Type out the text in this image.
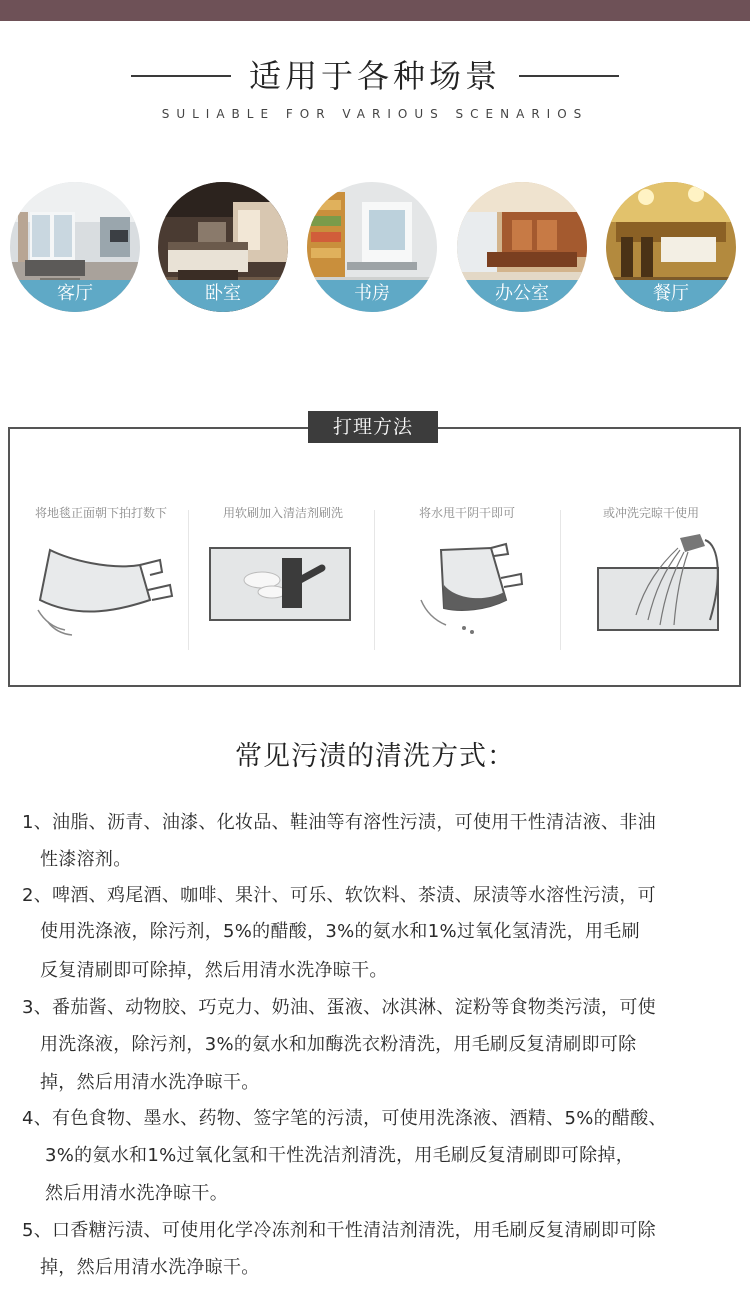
适用于各种场景
SULIABLE FOR VARIOUS SCENARIOS
客厅	卧室	书房	办公室	餐厅
打理方法
将地毯正面朝下拍打数下	用软刷加入清洁剂刷洗	将水甩干阴干即可	或冲洗完晾干使用
常见污渍的清洗方式：
1、油脂、沥青、油漆、化妆品、鞋油等有溶性污渍，可使用干性清洁液、非油
性漆溶剂。
2、啤酒、鸡尾酒、咖啡、果汁、可乐、软饮料、茶渍、尿渍等水溶性污渍，可
使用洗涤液，除污剂，5%的醋酸，3%的氨水和1%过氧化氢清洗，用毛刷
反复清刷即可除掉，然后用清水洗净晾干。
3、番茄酱、动物胶、巧克力、奶油、蛋液、冰淇淋、淀粉等食物类污渍，可使
用洗涤液，除污剂，3%的氨水和加酶洗衣粉清洗，用毛刷反复清刷即可除
掉，然后用清水洗净晾干。
4、有色食物、墨水、药物、签字笔的污渍，可使用洗涤液、酒精、5%的醋酸、
3%的氨水和1%过氧化氢和干性洗洁剂清洗，用毛刷反复清刷即可除掉，
然后用清水洗净晾干。
5、口香糖污渍、可使用化学冷冻剂和干性清洁剂清洗，用毛刷反复清刷即可除
掉，然后用清水洗净晾干。
